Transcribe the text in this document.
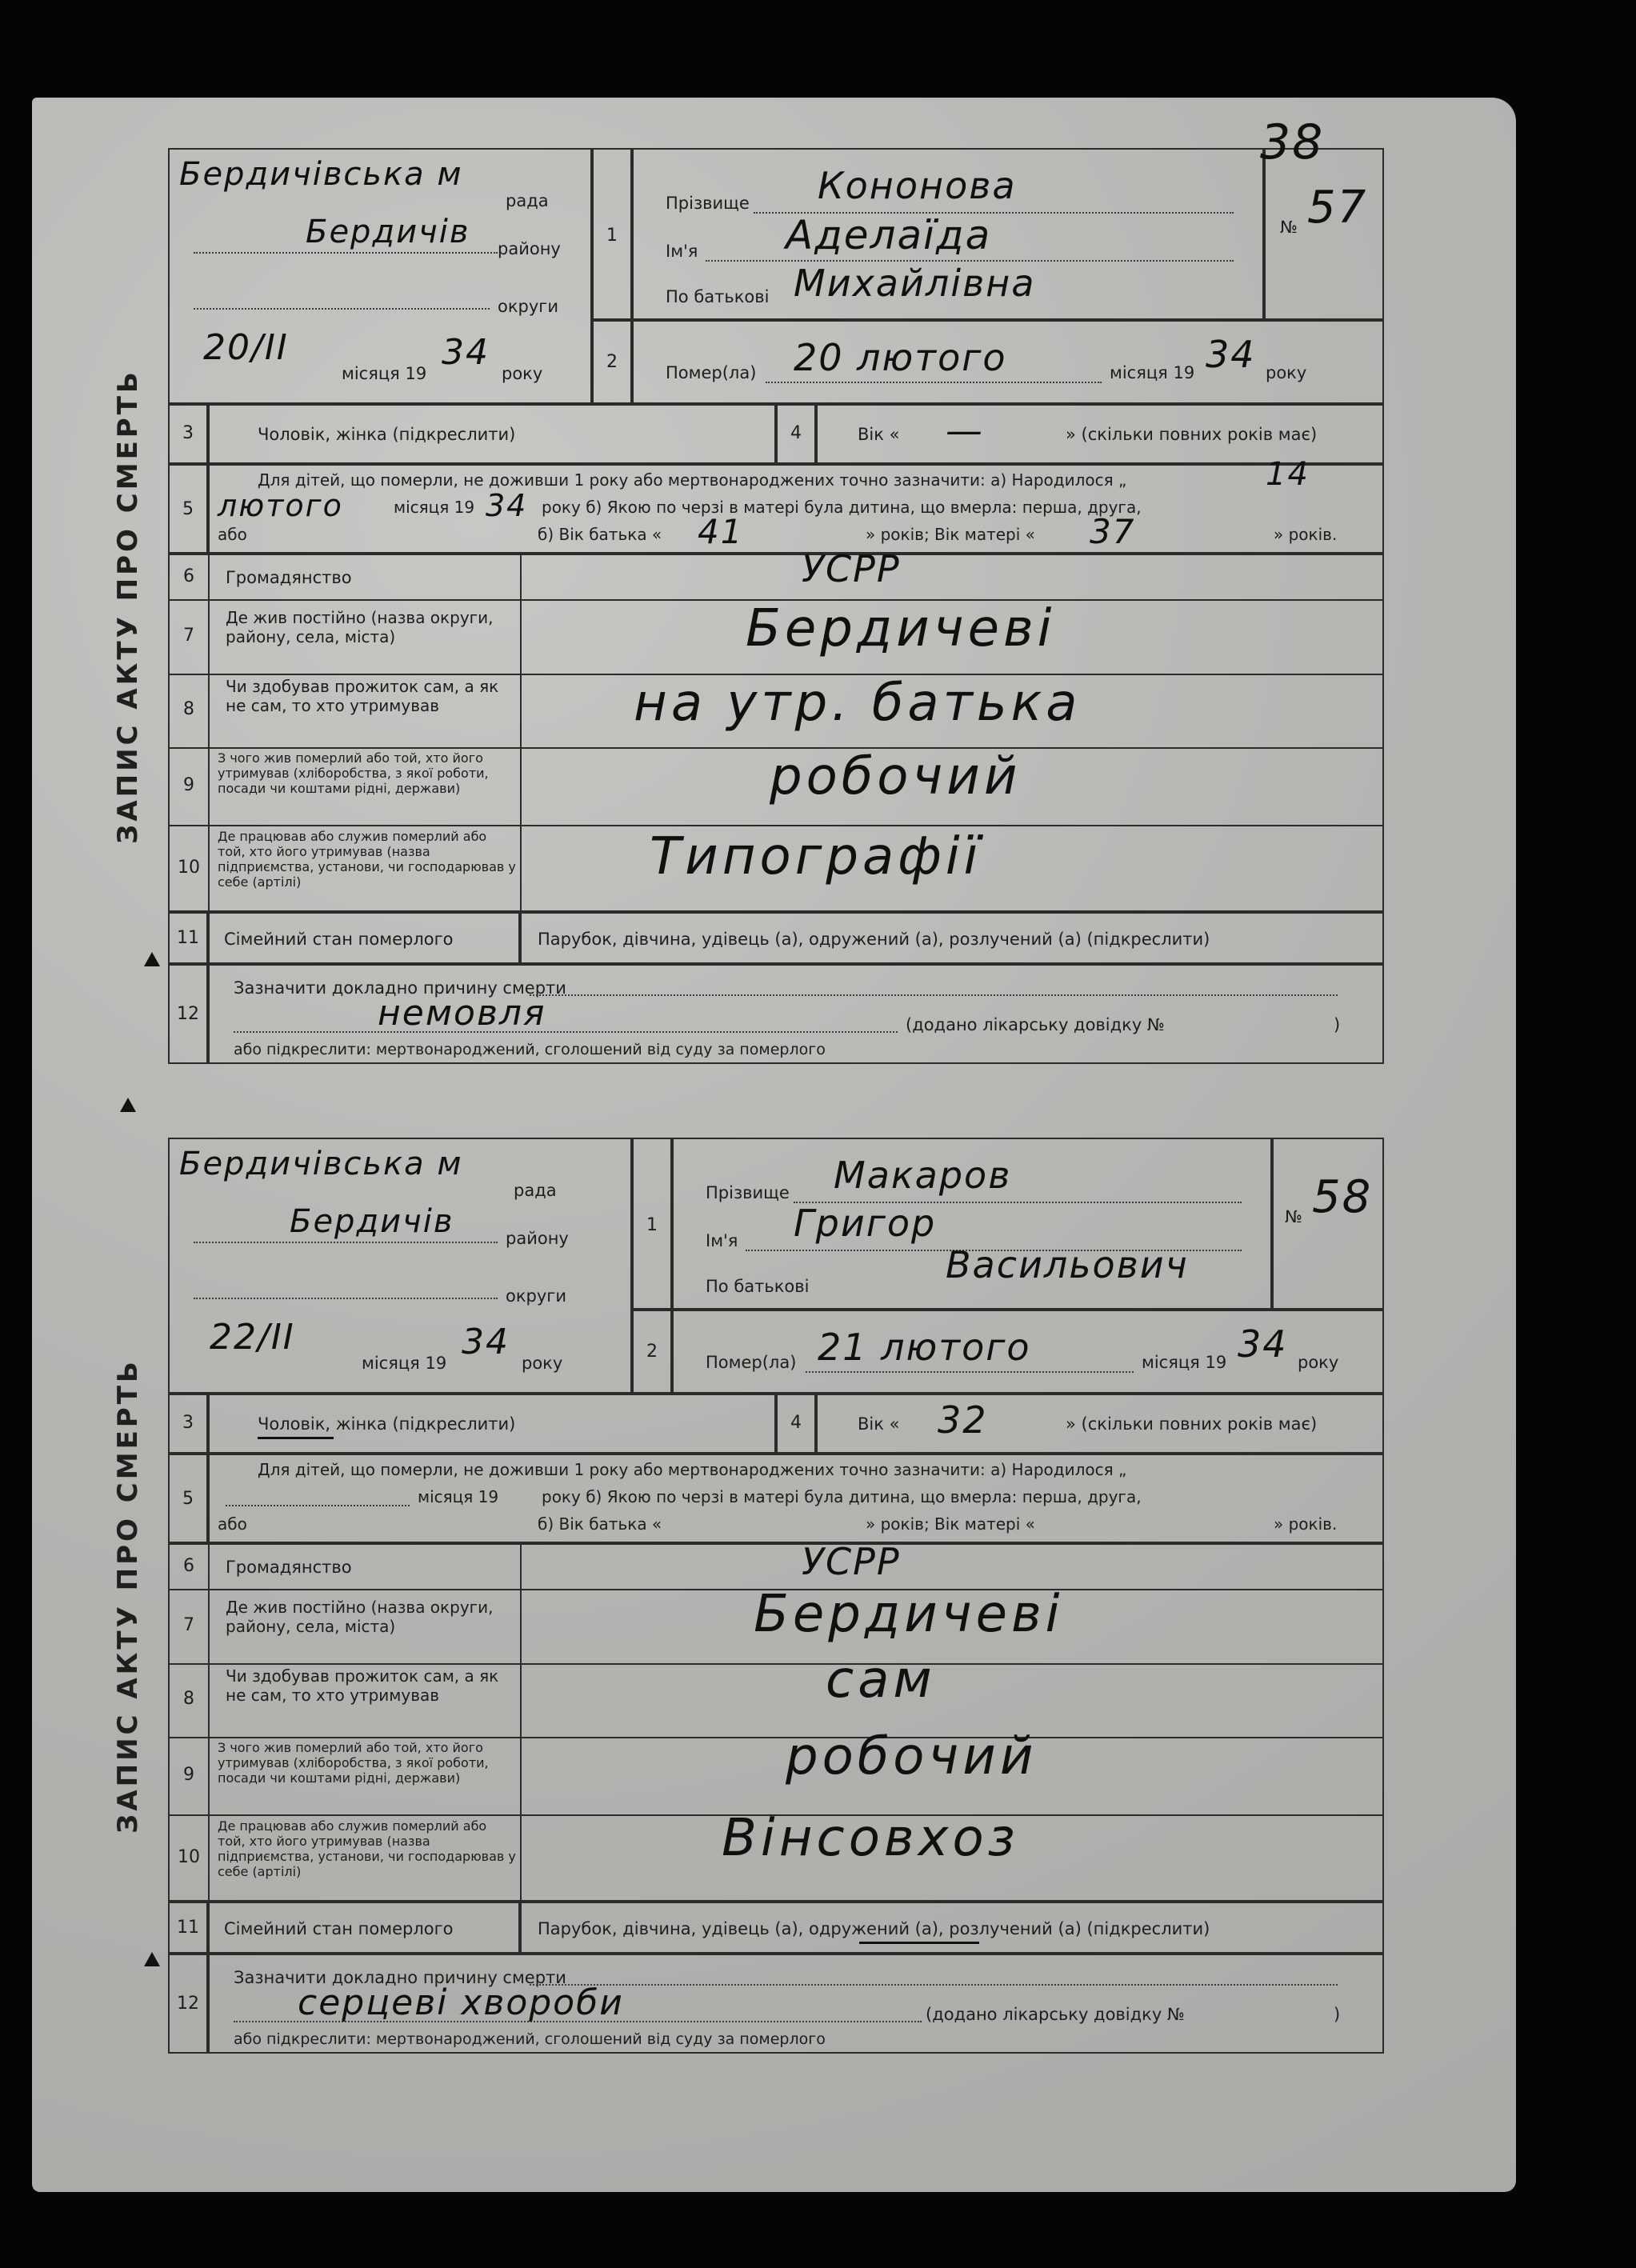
ЗАПИС АКТУ ПРО СМЕРТЬ
Бердичівська м
рада
Бердичів району
округи
20/II
місяця 19
34
року
1
Прізвище Кононова
Ім'я Аделаїда
По батькові Михайлівна
№ 57
38
2
Помер(ла) 20 лютого	місяця 19 34 року
3	Чоловік, жінка (підкреслити)	4	Вік « —	» (скільки повних років має)
5
Для дітей, що померли, не доживши 1 року або мертвонароджених точно зазначити: а) Народилося „	14
лютого	місяця 19 34 року б) Якою по черзі в матері була дитина, що вмерла: перша, друга,
або	б) Вік батька « 41	» років; Вік матері « 37	» років.
6	Громадянство	УСРР
7
Де жив постійно (назва округи, району, села, міста)	Бердичеві
8
Чи здобував прожиток сам, а як не сам, то хто утримував	на утр. батька
9
З чого жив померлий або той, хто його утримував (хліборобства, з якої роботи, посади чи коштами рідні, держави)	робочий
10
Де працював або служив померлий або той, хто його утримував (назва підприємства, установи, чи господарював у себе (артілі)	Типографії
11	Сімейний стан померлого	Парубок, дівчина, удівець (а), одружений (а), розлучений (а) (підкреслити)
12
Зазначити докладно причину смерти
немовля	(додано лікарську довідку №	)
або підкреслити: мертвонароджений, сголошений від суду за померлого
ЗАПИС АКТУ ПРО СМЕРТЬ
Бердичівська м
рада
Бердичів	району
округи
22/II
місяця 19
34
року
1
Прізвище Макаров
Ім'я Григор
По батькові	Васильович
№ 58
2
Помер(ла) 21 лютого	місяця 19 34 року
3	Чоловік, жінка (підкреслити)	4	Вік « 32	» (скільки повних років має)
5
Для дітей, що померли, не доживши 1 року або мертвонароджених точно зазначити: а) Народилося „
місяця 19	року б) Якою по черзі в матері була дитина, що вмерла: перша, друга,
або	б) Вік батька «	» років; Вік матері «	» років.
6	Громадянство	УСРР
7
Де жив постійно (назва округи, району, села, міста)	Бердичеві
8
Чи здобував прожиток сам, а як не сам, то хто утримував	сам
9
З чого жив померлий або той, хто його утримував (хліборобства, з якої роботи, посади чи коштами рідні, держави)	робочий
10
Де працював або служив померлий або той, хто його утримував (назва підприємства, установи, чи господарював у себе (артілі)
Вінсовхоз
11	Сімейний стан померлого	Парубок, дівчина, удівець (а), одружений (а), розлучений (а) (підкреслити)
12
Зазначити докладно причину смерти
серцеві хвороби	(додано лікарську довідку №	)
або підкреслити: мертвонароджений, сголошений від суду за померлого
